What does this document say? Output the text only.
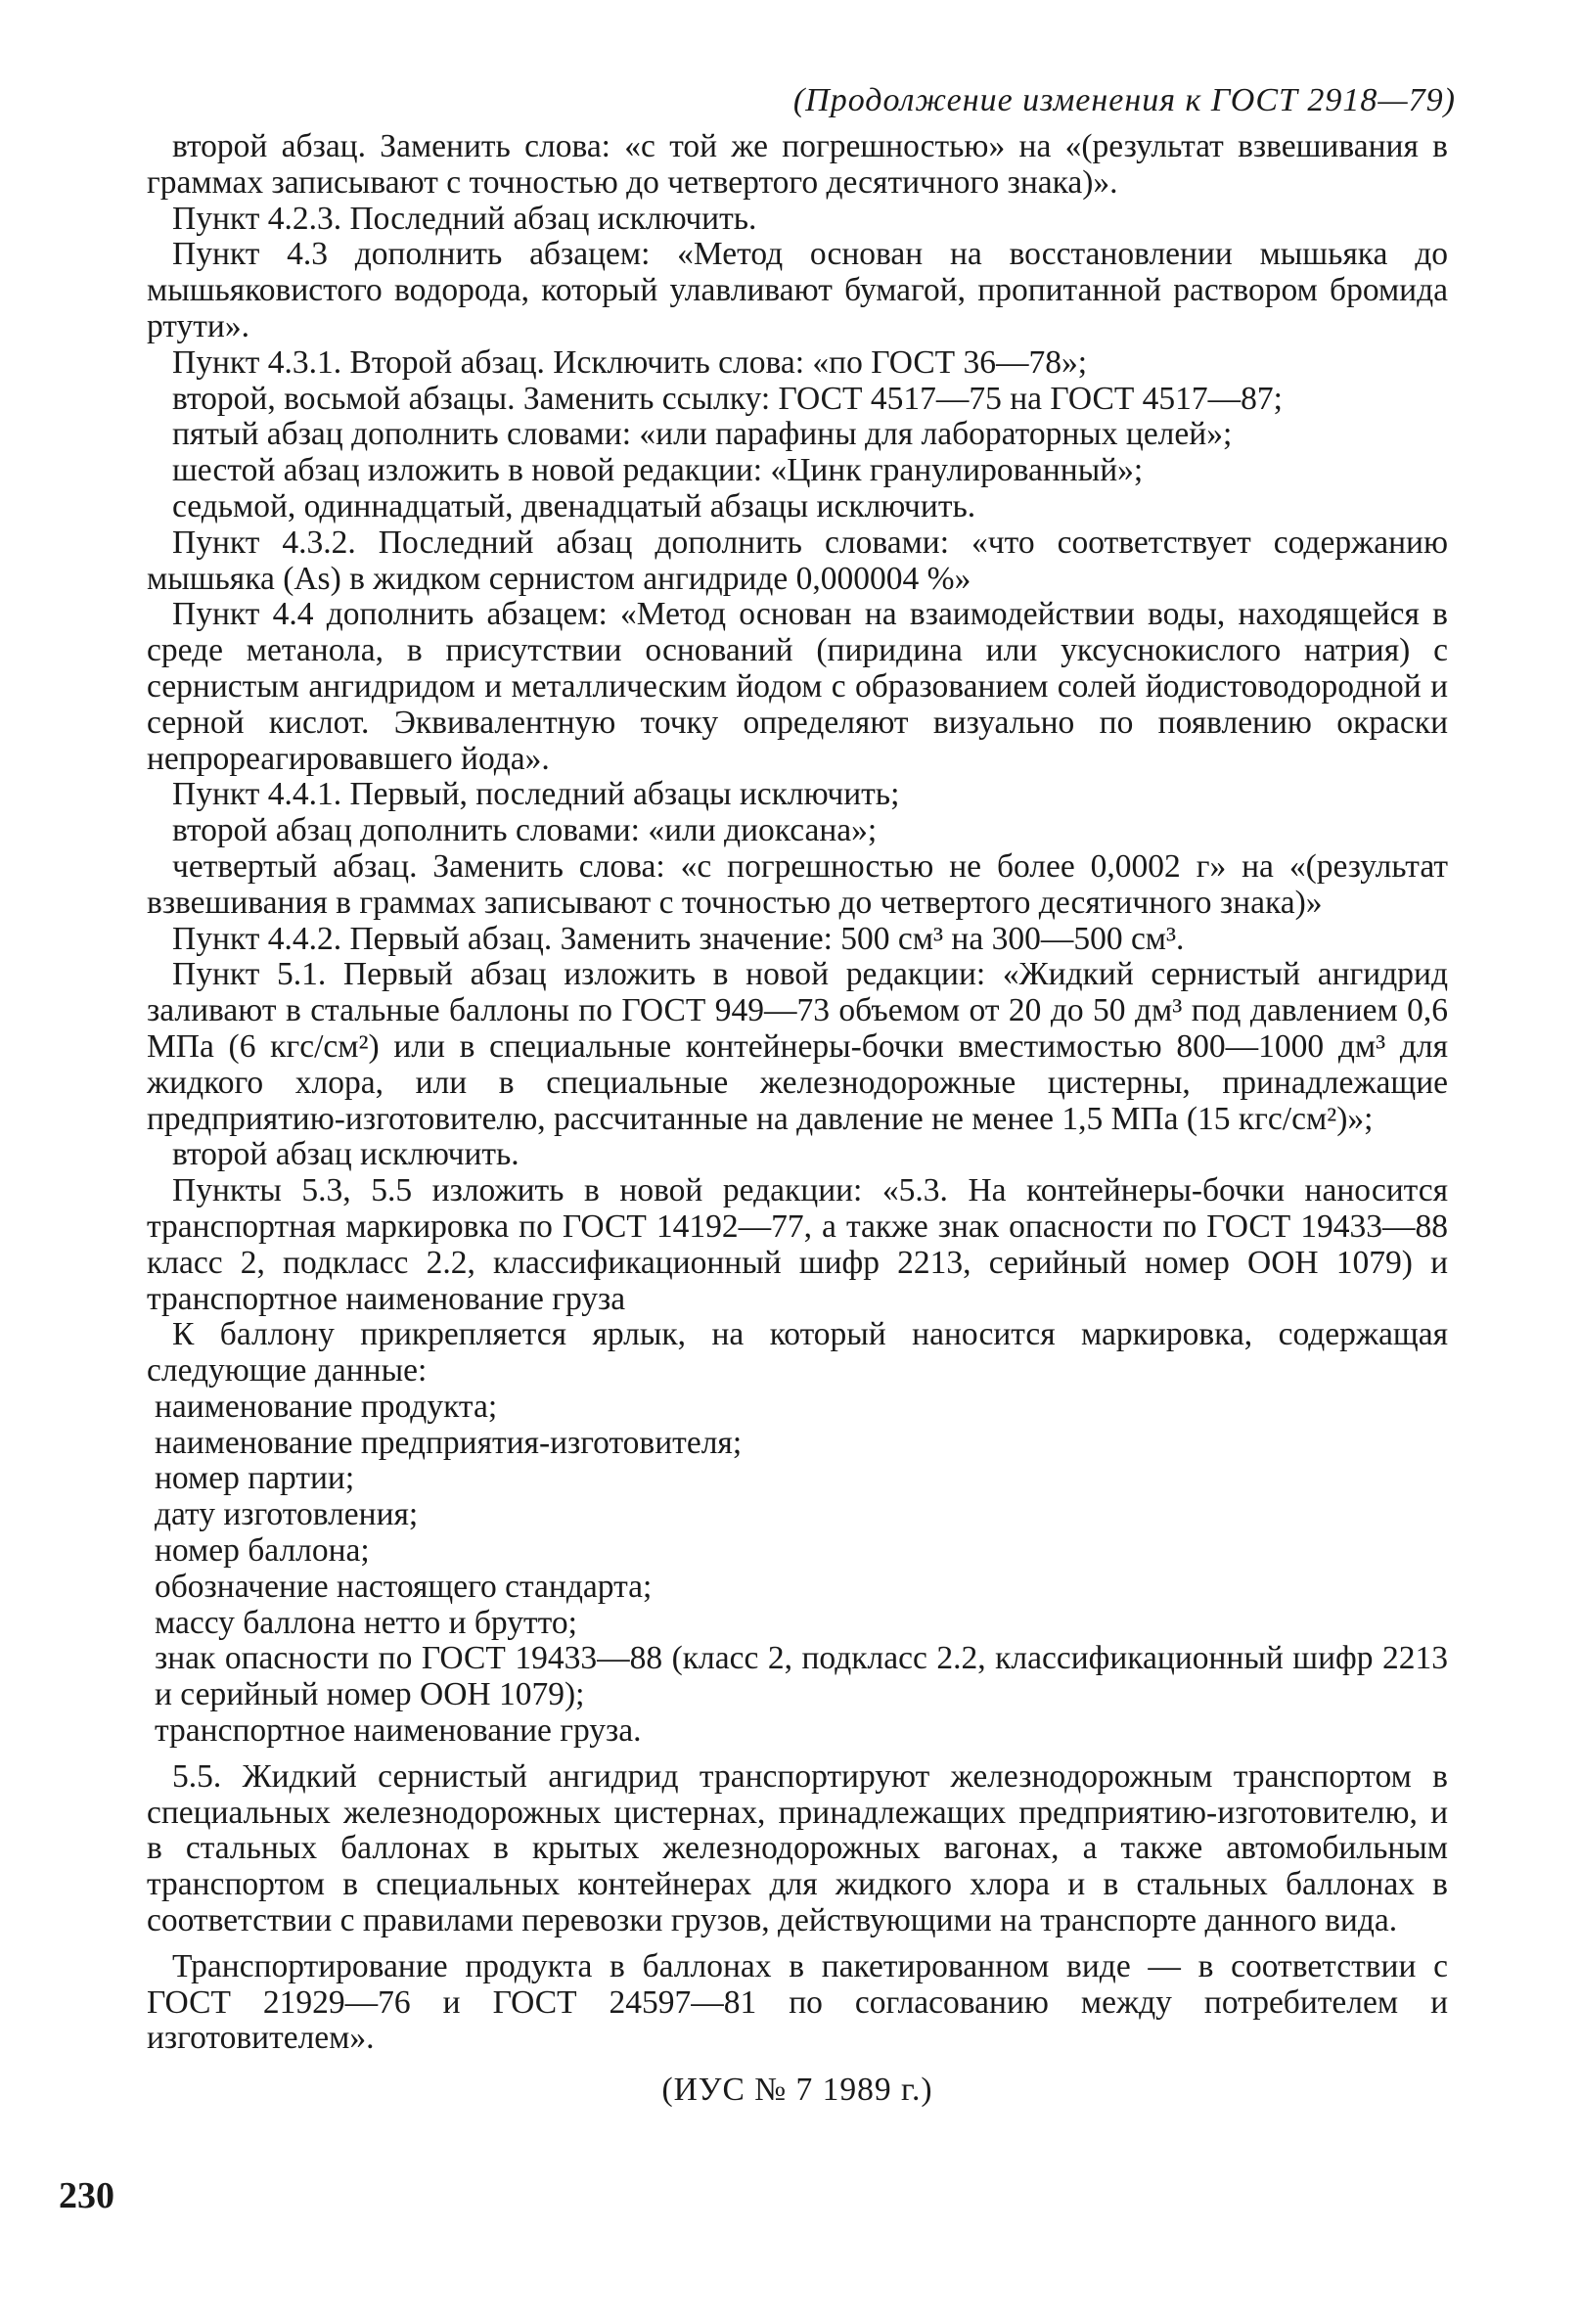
(Продолжение изменения к ГОСТ 2918—79)

второй абзац. Заменить слова: «с той же погрешностью» на «(результат взвешивания в граммах записывают с точностью до четвертого десятичного знака)».

Пункт 4.2.3. Последний абзац исключить.

Пункт 4.3 дополнить абзацем: «Метод основан на восстановлении мышьяка до мышьяковистого водорода, который улавливают бумагой, пропитанной раствором бромида ртути».

Пункт 4.3.1. Второй абзац. Исключить слова: «по ГОСТ 36—78»;

второй, восьмой абзацы. Заменить ссылку: ГОСТ 4517—75 на ГОСТ 4517—87;

пятый абзац дополнить словами: «или парафины для лабораторных целей»;

шестой абзац изложить в новой редакции: «Цинк гранулированный»;

седьмой, одиннадцатый, двенадцатый абзацы исключить.

Пункт 4.3.2. Последний абзац дополнить словами: «что соответствует содержанию мышьяка (As) в жидком сернистом ангидриде 0,000004 %»

Пункт 4.4 дополнить абзацем: «Метод основан на взаимодействии воды, находящейся в среде метанола, в присутствии оснований (пиридина или уксуснокислого натрия) с сернистым ангидридом и металлическим йодом с образованием солей йодистоводородной и серной кислот. Эквивалентную точку определяют визуально по появлению окраски непрореагировавшего йода».

Пункт 4.4.1. Первый, последний абзацы исключить;

второй абзац дополнить словами: «или диоксана»;

четвертый абзац. Заменить слова: «с погрешностью не более 0,0002 г» на «(результат взвешивания в граммах записывают с точностью до четвертого десятичного знака)»

Пункт 4.4.2. Первый абзац. Заменить значение: 500 см³ на 300—500 см³.

Пункт 5.1. Первый абзац изложить в новой редакции: «Жидкий сернистый ангидрид заливают в стальные баллоны по ГОСТ 949—73 объемом от 20 до 50 дм³ под давлением 0,6 МПа (6 кгс/см²) или в специальные контейнеры-бочки вместимостью 800—1000 дм³ для жидкого хлора, или в специальные железнодорожные цистерны, принадлежащие предприятию-изготовителю, рассчитанные на давление не менее 1,5 МПа (15 кгс/см²)»;

второй абзац исключить.

Пункты 5.3, 5.5 изложить в новой редакции: «5.3. На контейнеры-бочки наносится транспортная маркировка по ГОСТ 14192—77, а также знак опасности по ГОСТ 19433—88 класс 2, подкласс 2.2, классификационный шифр 2213, серийный номер ООН 1079) и транспортное наименование груза

К баллону прикрепляется ярлык, на который наносится маркировка, содержащая следующие данные:

наименование продукта;

наименование предприятия-изготовителя;

номер партии;

дату изготовления;

номер баллона;

обозначение настоящего стандарта;

массу баллона нетто и брутто;

знак опасности по ГОСТ 19433—88 (класс 2, подкласс 2.2, классификационный шифр 2213 и серийный номер ООН 1079);

транспортное наименование груза.

5.5. Жидкий сернистый ангидрид транспортируют железнодорожным транспортом в специальных железнодорожных цистернах, принадлежащих предприятию-изготовителю, и в стальных баллонах в крытых железнодорожных вагонах, а также автомобильным транспортом в специальных контейнерах для жидкого хлора и в стальных баллонах в соответствии с правилами перевозки грузов, действующими на транспорте данного вида.

Транспортирование продукта в баллонах в пакетированном виде — в соответствии с ГОСТ 21929—76 и ГОСТ 24597—81 по согласованию между потребителем и изготовителем».

(ИУС № 7 1989 г.)

230
